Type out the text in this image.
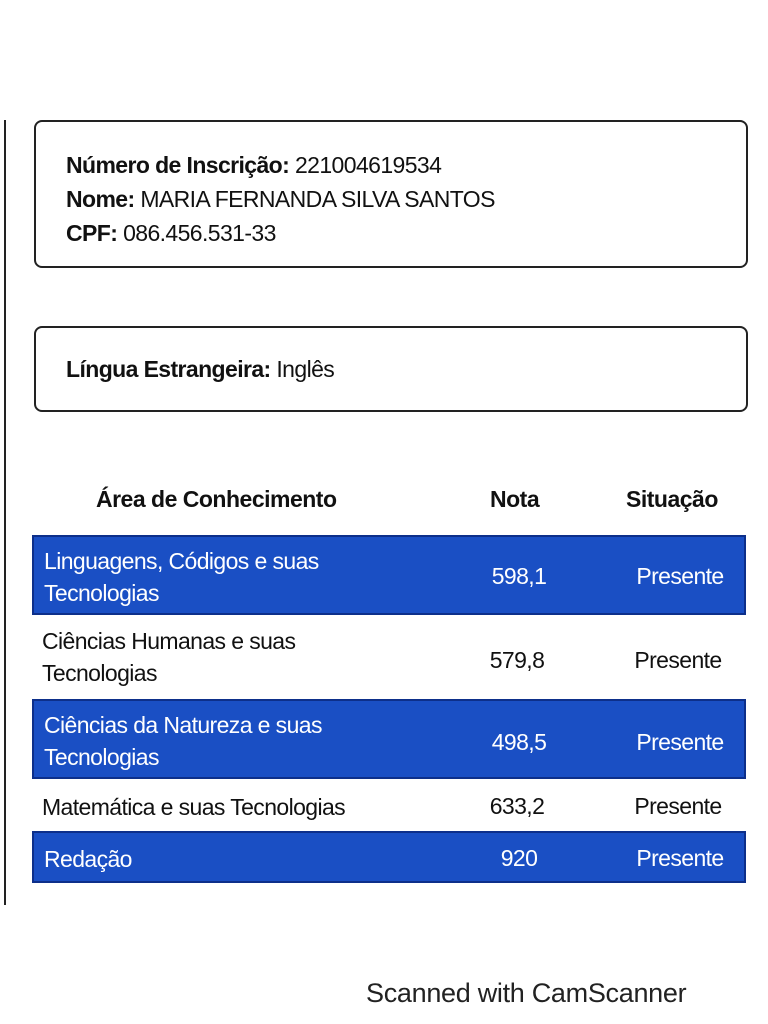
Número de Inscrição: 221004619534
Nome: MARIA FERNANDA SILVA SANTOS
CPF: 086.456.531-33
Língua Estrangeira: Inglês
Área de Conhecimento	Nota	Situação
Linguagens, Códigos e suas
Tecnologias
598,1	Presente
Ciências Humanas e suas
Tecnologias	579,8	Presente
Ciências da Natureza e suas
Tecnologias
498,5	Presente
Matemática e suas Tecnologias	633,2	Presente
Redação	920	Presente
Scanned with CamScanner
